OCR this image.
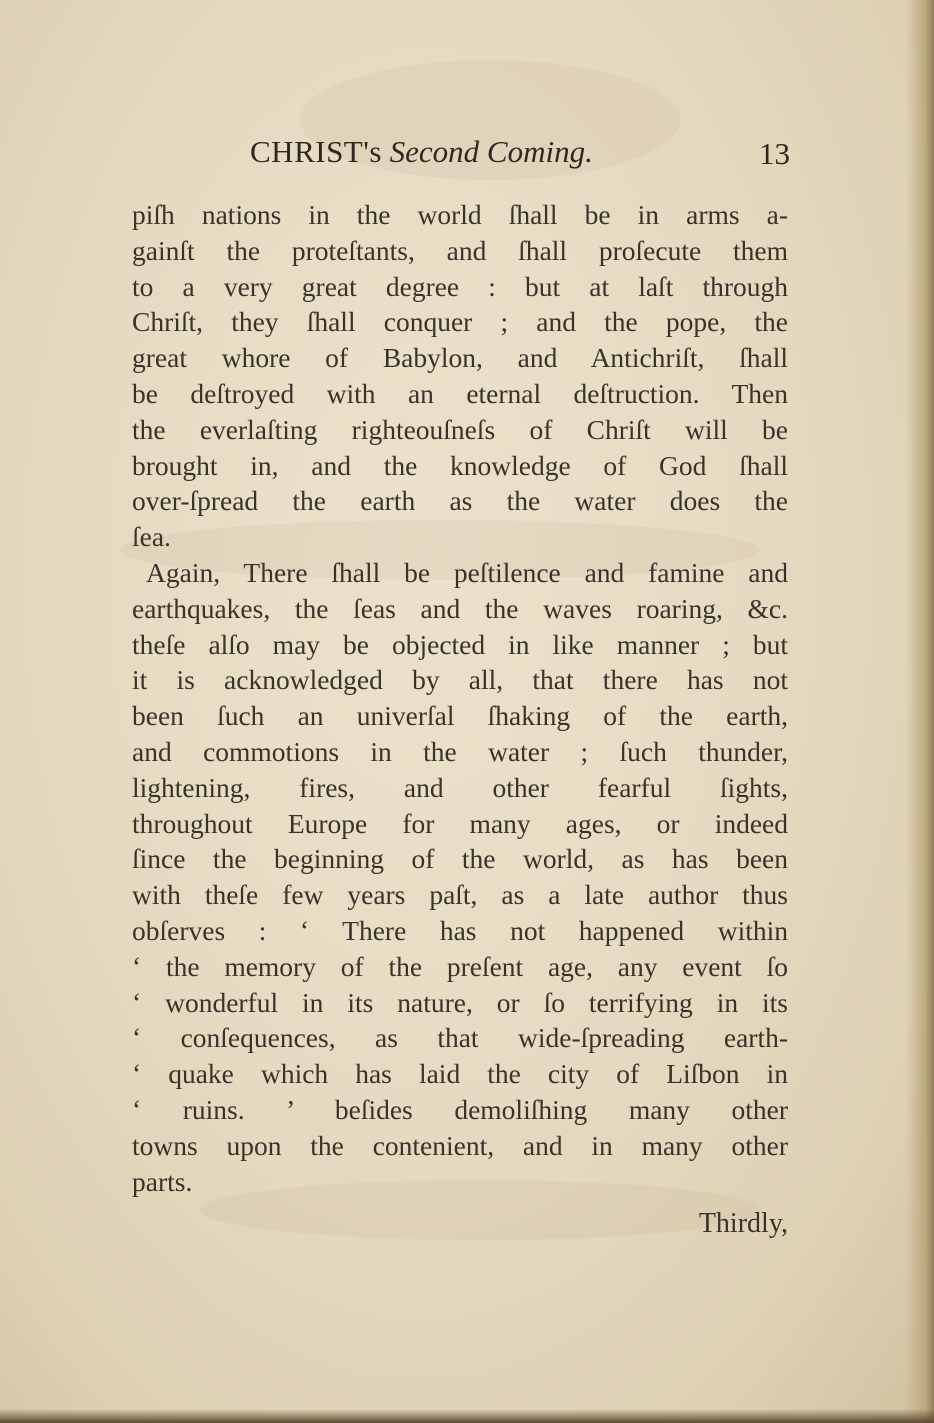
CHRIST's Second Coming.	13
piſh nations in the world ſhall be in arms a-
gainſt the proteſtants, and ſhall proſecute them
to a very great degree : but at laſt through
Chriſt, they ſhall conquer ; and the pope, the
great whore of Babylon, and Antichriſt, ſhall
be deſtroyed with an eternal deſtruction. Then
the everlaſting righteouſneſs of Chriſt will be
brought in, and the knowledge of God ſhall
over-ſpread the earth as the water does the
ſea.
Again, There ſhall be peſtilence and famine and
earthquakes, the ſeas and the waves roaring, &c.
theſe alſo may be objected in like manner ; but
it is acknowledged by all, that there has not
been ſuch an univerſal ſhaking of the earth,
and commotions in the water ; ſuch thunder,
lightening, fires, and other fearful ſights,
throughout Europe for many ages, or indeed
ſince the beginning of the world, as has been
with theſe few years paſt, as a late author thus
obſerves : ‘ There has not happened within
‘ the memory of the preſent age, any event ſo
‘ wonderful in its nature, or ſo terrifying in its
‘ conſequences, as that wide-ſpreading earth-
‘ quake which has laid the city of Liſbon in
‘ ruins. ’ beſides demoliſhing many other
towns upon the contenient, and in many other
parts.
Thirdly,
